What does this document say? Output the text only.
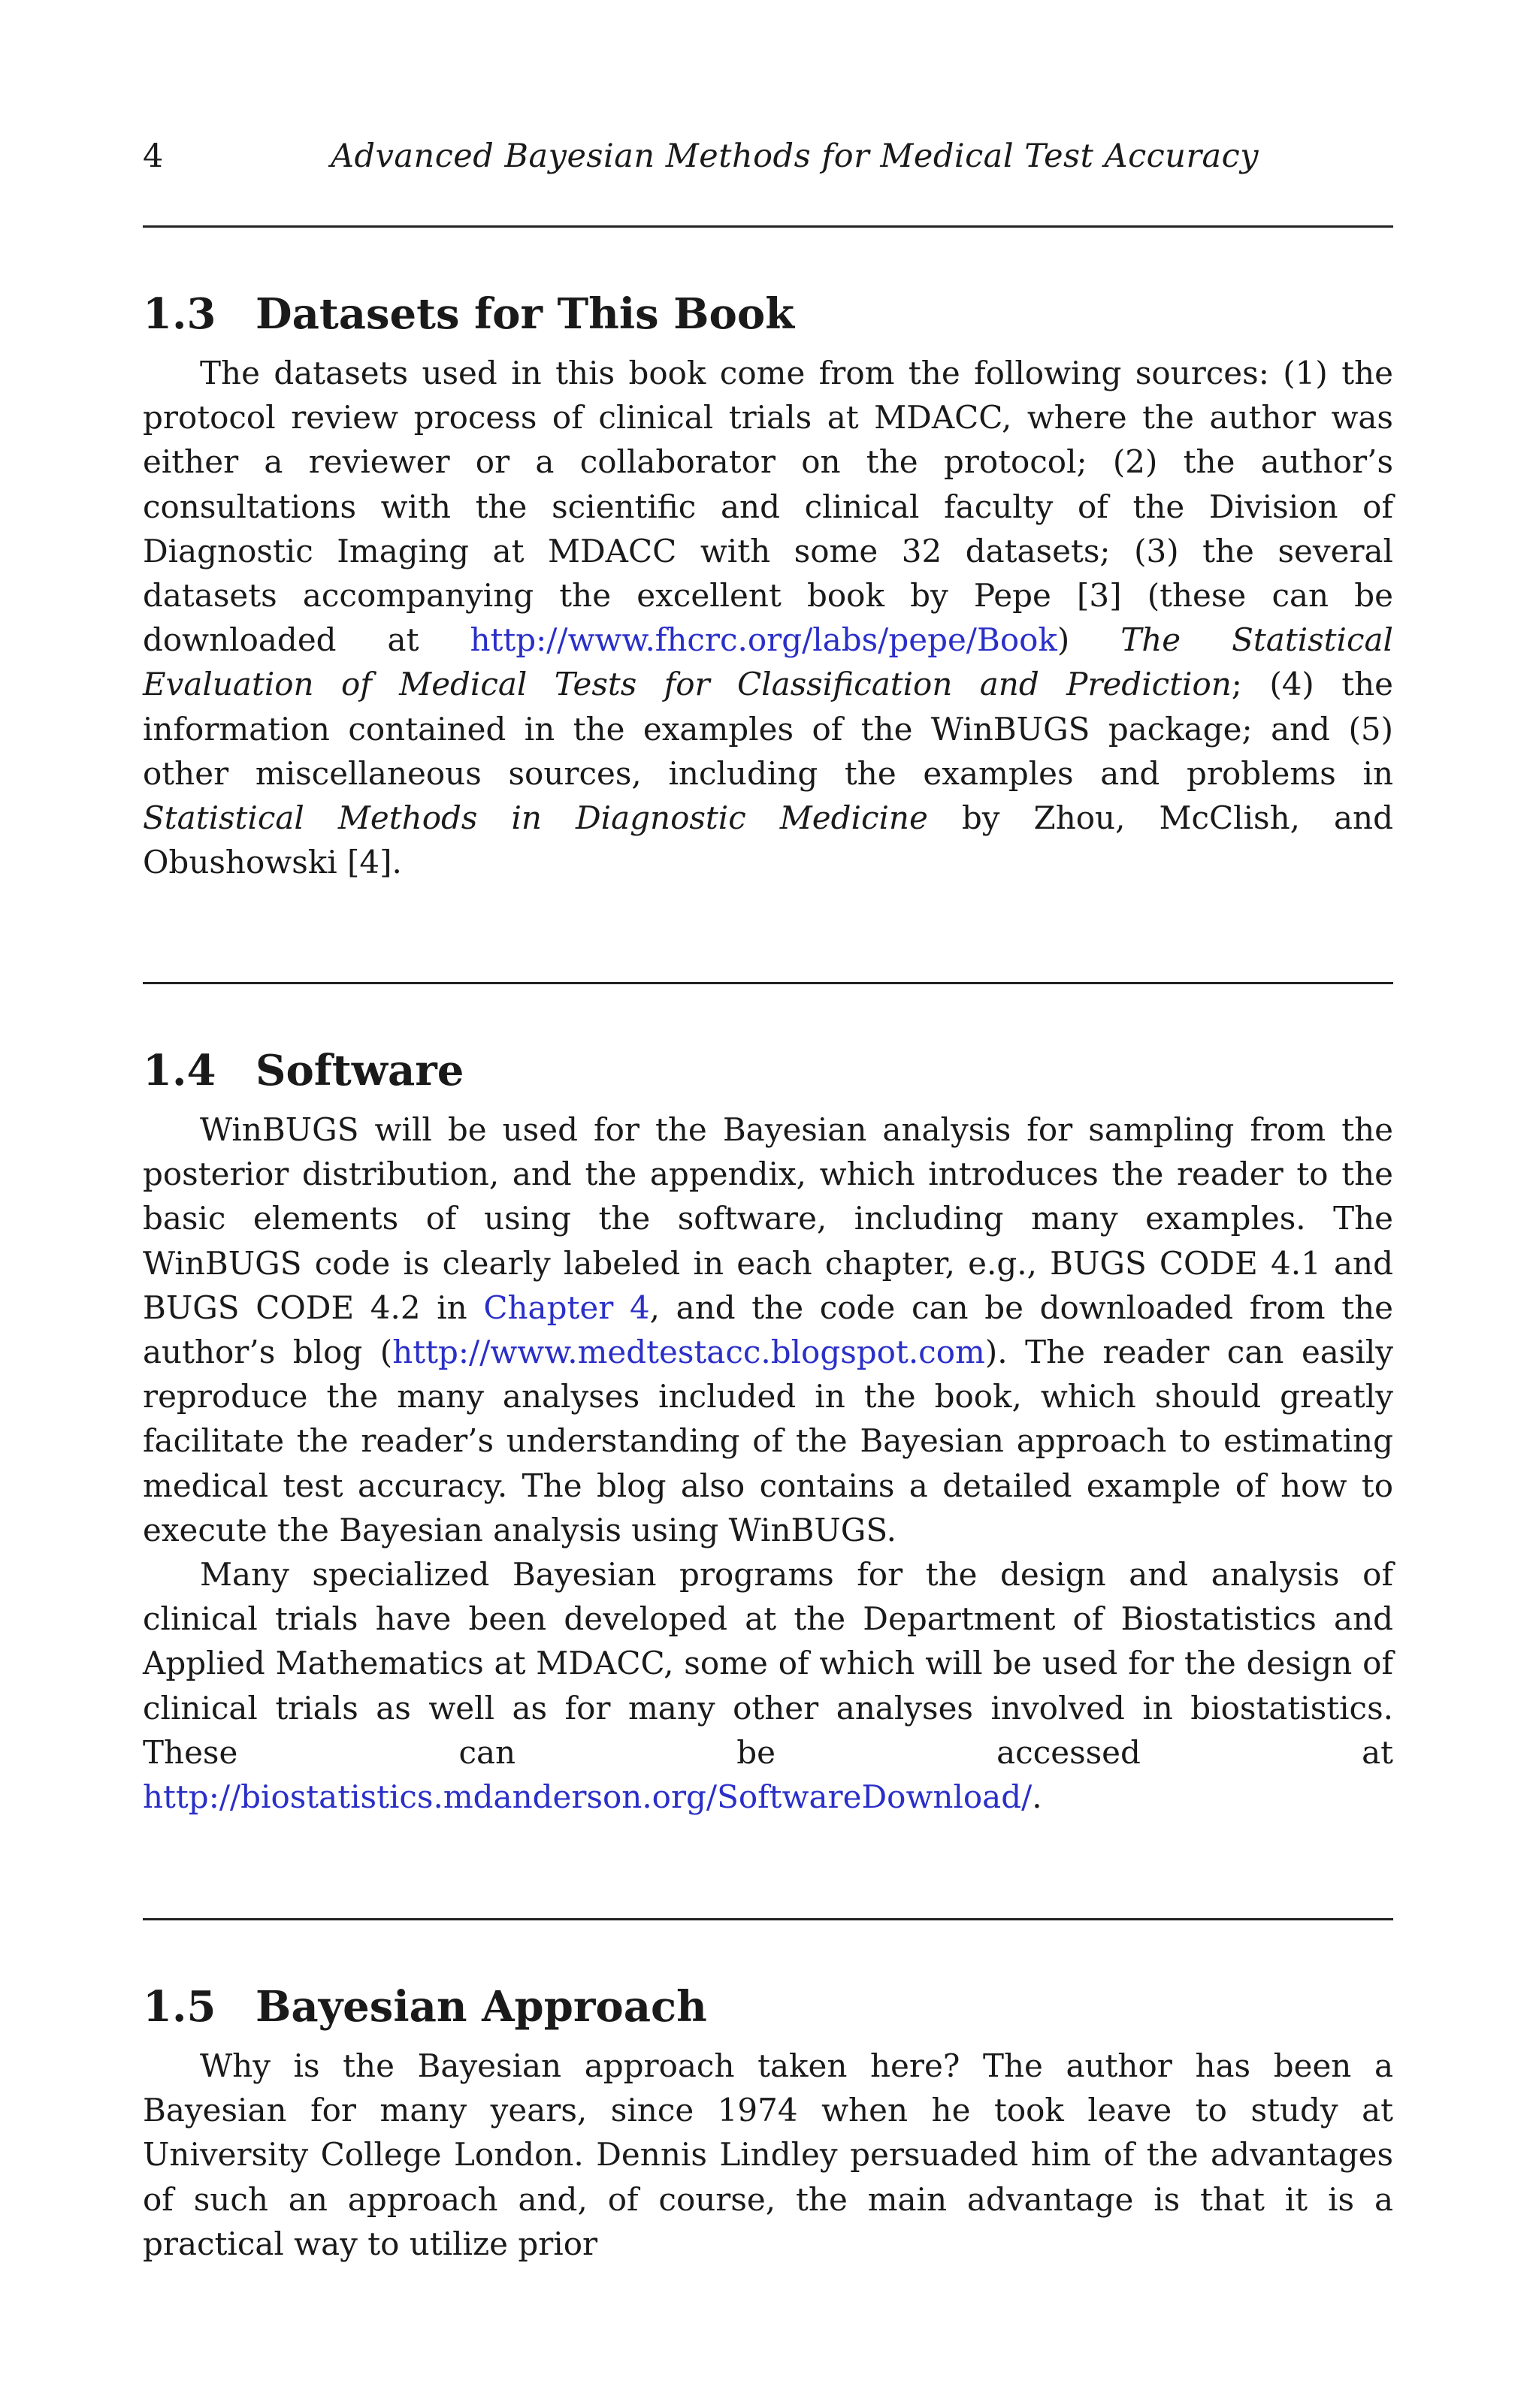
4	Advanced Bayesian Methods for Medical Test Accuracy
1.3 Datasets for This Book

The datasets used in this book come from the following sources: (1) the protocol review process of clinical trials at MDACC, where the author was either a reviewer or a collaborator on the protocol; (2) the author’s consultations with the scientific and clinical faculty of the Division of Diagnostic Imaging at MDACC with some 32 datasets; (3) the several datasets accompanying the excellent book by Pepe [3] (these can be downloaded at http://www.fhcrc.org/labs/pepe/Book) The Statistical Evaluation of Medical Tests for Classification and Prediction; (4) the information contained in the examples of the WinBUGS package; and (5) other miscellaneous sources, including the examples and problems in Statistical Methods in Diagnostic Medicine by Zhou, McClish, and Obushowski [4].

1.4 Software

WinBUGS will be used for the Bayesian analysis for sampling from the posterior distribution, and the appendix, which introduces the reader to the basic elements of using the software, including many examples. The WinBUGS code is clearly labeled in each chapter, e.g., BUGS CODE 4.1 and BUGS CODE 4.2 in Chapter 4, and the code can be downloaded from the author’s blog (http://www.medtestacc.blogspot.com). The reader can easily reproduce the many analyses included in the book, which should greatly facilitate the reader’s understanding of the Bayesian approach to estimating medical test accuracy. The blog also contains a detailed example of how to execute the Bayesian analysis using WinBUGS.

Many specialized Bayesian programs for the design and analysis of clinical trials have been developed at the Department of Biostatistics and Applied Mathematics at MDACC, some of which will be used for the design of clinical trials as well as for many other analyses involved in biostatistics. These can be accessed at http://biostatistics.mdanderson.org/SoftwareDownload/.

1.5 Bayesian Approach

Why is the Bayesian approach taken here? The author has been a Bayesian for many years, since 1974 when he took leave to study at University College London. Dennis Lindley persuaded him of the advantages of such an approach and, of course, the main advantage is that it is a practical way to utilize prior
